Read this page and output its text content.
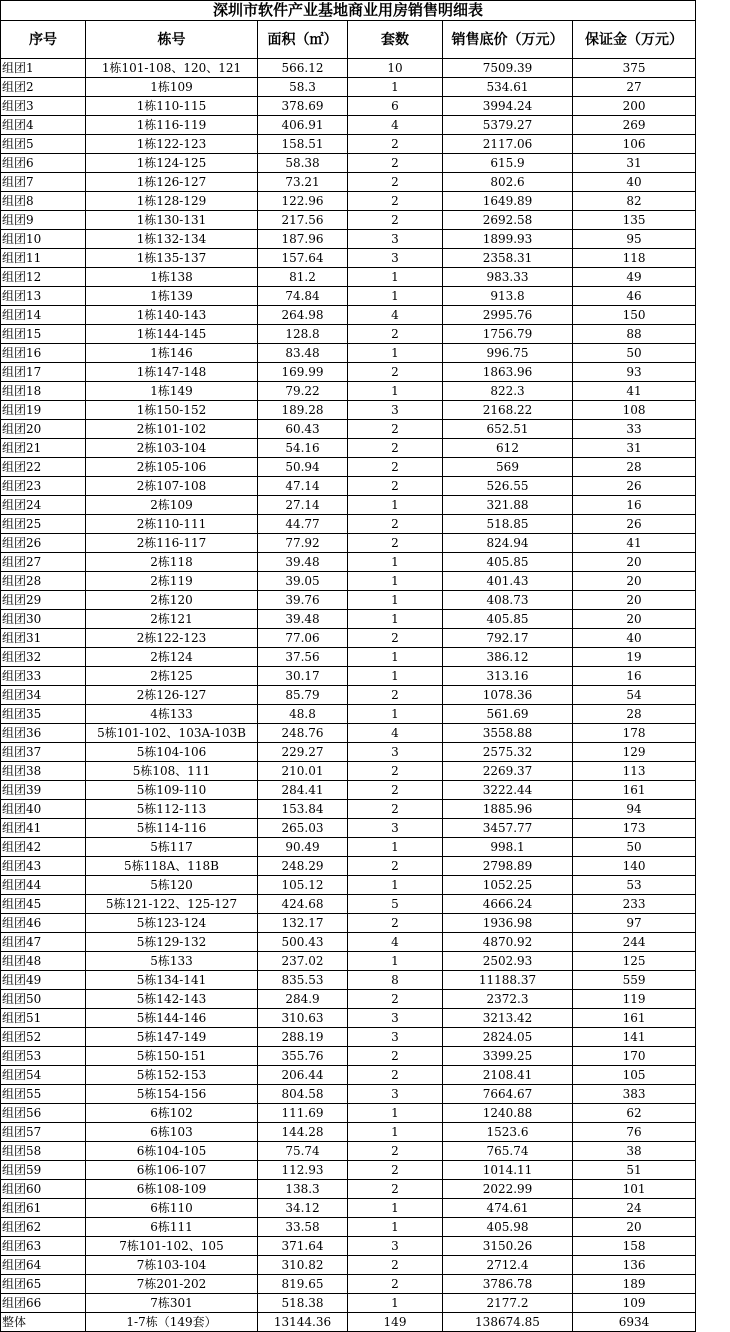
深圳市软件产业基地商业用房销售明细表					
序号	栋号	面积（㎡）	套数	销售底价（万元）	保证金（万元）
组团1	1栋101-108、120、121	566.12	10	7509.39	375
组团2	1栋109	58.3	1	534.61	27
组团3	1栋110-115	378.69	6	3994.24	200
组团4	1栋116-119	406.91	4	5379.27	269
组团5	1栋122-123	158.51	2	2117.06	106
组团6	1栋124-125	58.38	2	615.9	31
组团7	1栋126-127	73.21	2	802.6	40
组团8	1栋128-129	122.96	2	1649.89	82
组团9	1栋130-131	217.56	2	2692.58	135
组团10	1栋132-134	187.96	3	1899.93	95
组团11	1栋135-137	157.64	3	2358.31	118
组团12	1栋138	81.2	1	983.33	49
组团13	1栋139	74.84	1	913.8	46
组团14	1栋140-143	264.98	4	2995.76	150
组团15	1栋144-145	128.8	2	1756.79	88
组团16	1栋146	83.48	1	996.75	50
组团17	1栋147-148	169.99	2	1863.96	93
组团18	1栋149	79.22	1	822.3	41
组团19	1栋150-152	189.28	3	2168.22	108
组团20	2栋101-102	60.43	2	652.51	33
组团21	2栋103-104	54.16	2	612	31
组团22	2栋105-106	50.94	2	569	28
组团23	2栋107-108	47.14	2	526.55	26
组团24	2栋109	27.14	1	321.88	16
组团25	2栋110-111	44.77	2	518.85	26
组团26	2栋116-117	77.92	2	824.94	41
组团27	2栋118	39.48	1	405.85	20
组团28	2栋119	39.05	1	401.43	20
组团29	2栋120	39.76	1	408.73	20
组团30	2栋121	39.48	1	405.85	20
组团31	2栋122-123	77.06	2	792.17	40
组团32	2栋124	37.56	1	386.12	19
组团33	2栋125	30.17	1	313.16	16
组团34	2栋126-127	85.79	2	1078.36	54
组团35	4栋133	48.8	1	561.69	28
组团36	5栋101-102、103A-103B	248.76	4	3558.88	178
组团37	5栋104-106	229.27	3	2575.32	129
组团38	5栋108、111	210.01	2	2269.37	113
组团39	5栋109-110	284.41	2	3222.44	161
组团40	5栋112-113	153.84	2	1885.96	94
组团41	5栋114-116	265.03	3	3457.77	173
组团42	5栋117	90.49	1	998.1	50
组团43	5栋118A、118B	248.29	2	2798.89	140
组团44	5栋120	105.12	1	1052.25	53
组团45	5栋121-122、125-127	424.68	5	4666.24	233
组团46	5栋123-124	132.17	2	1936.98	97
组团47	5栋129-132	500.43	4	4870.92	244
组团48	5栋133	237.02	1	2502.93	125
组团49	5栋134-141	835.53	8	11188.37	559
组团50	5栋142-143	284.9	2	2372.3	119
组团51	5栋144-146	310.63	3	3213.42	161
组团52	5栋147-149	288.19	3	2824.05	141
组团53	5栋150-151	355.76	2	3399.25	170
组团54	5栋152-153	206.44	2	2108.41	105
组团55	5栋154-156	804.58	3	7664.67	383
组团56	6栋102	111.69	1	1240.88	62
组团57	6栋103	144.28	1	1523.6	76
组团58	6栋104-105	75.74	2	765.74	38
组团59	6栋106-107	112.93	2	1014.11	51
组团60	6栋108-109	138.3	2	2022.99	101
组团61	6栋110	34.12	1	474.61	24
组团62	6栋111	33.58	1	405.98	20
组团63	7栋101-102、105	371.64	3	3150.26	158
组团64	7栋103-104	310.82	2	2712.4	136
组团65	7栋201-202	819.65	2	3786.78	189
组团66	7栋301	518.38	1	2177.2	109
整体	1-7栋（149套）	13144.36	149	138674.85	6934
